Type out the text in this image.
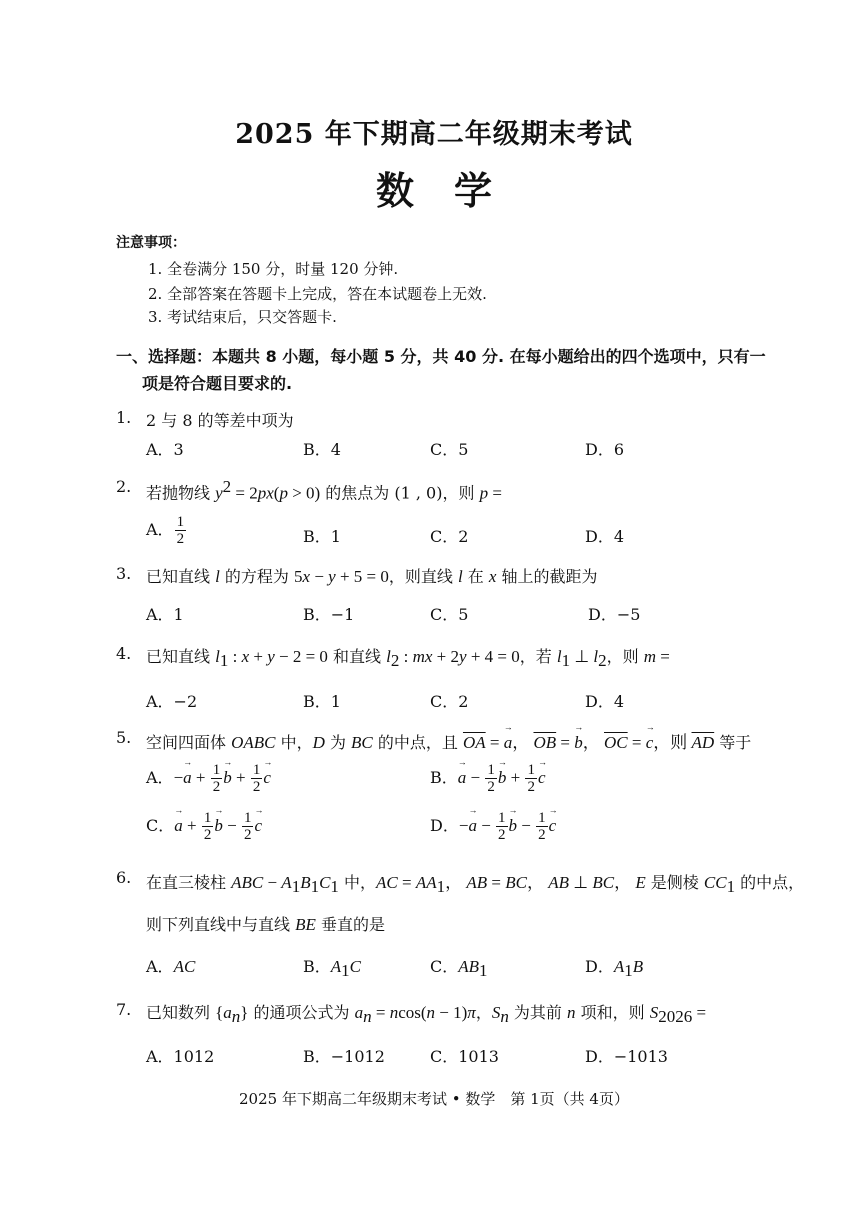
2025 年下期高二年级期末考试
数学
注意事项：
1. 全卷满分 150 分，时量 120 分钟.
2. 全部答案在答题卡上完成，答在本试题卷上无效.
3. 考试结束后，只交答题卡.
一、选择题：本题共 8 小题，每小题 5 分，共 40 分. 在每小题给出的四个选项中，只有一
项是符合题目要求的.
1. 2 与 8 的等差中项为
A．3	B．4	C．5	D．6
2. 若抛物线 $y^2 = 2px(p > 0)$ 的焦点为 (1 , 0)，则 p =
A． $\frac{1}{2}$	B．1	C．2	D．4
3. 已知直线 l 的方程为 5x − y + 5 = 0，则直线 l 在 x 轴上的截距为
A．1	B．−1	C．5	D．−5
4. 已知直线 $l_1$ : x + y − 2 = 0 和直线 $l_2$ : mx + 2y + 4 = 0，若 $l_1$ ⊥ $l_2$，则 m =
A．−2	B．1	C．2	D．4
5. 空间四面体 OABC 中，D 为 BC 的中点，且 $\overline{OA}$ = → a， $\overline{OB}$ = → b， $\overline{OC}$ = → c，则 $\overline{AD}$ 等于
A．−→ $a + \frac{1}{2} \to b + \frac{1}{2} \to c$	B．→ $a - \frac{1}{2} \to b + \frac{1}{2} \to c$
C．→ $a + \frac{1}{2} \to b - \frac{1}{2} \to c$	D．−→ $a - \frac{1}{2} \to b - \frac{1}{2} \to c$
6. 在直三棱柱 ABC − $A_1B_1C_1$ 中，AC = $AA_1$， AB = BC， AB ⊥ BC， E 是侧棱 $CC_1$ 的中点，
则下列直线中与直线 BE 垂直的是
A．AC	B．$A_1C$	C．$AB_1$	D．$A_1B$
7. 已知数列 $\{a_n\}$ 的通项公式为 $a_n = ncos(n - 1)\pi$，$S_n$ 为其前 n 项和，则 $S_{2026}$ =
A．1012	B．−1012	C．1013	D．−1013
2025 年下期高二年级期末考试 • 数学　第 1页（共 4页）
